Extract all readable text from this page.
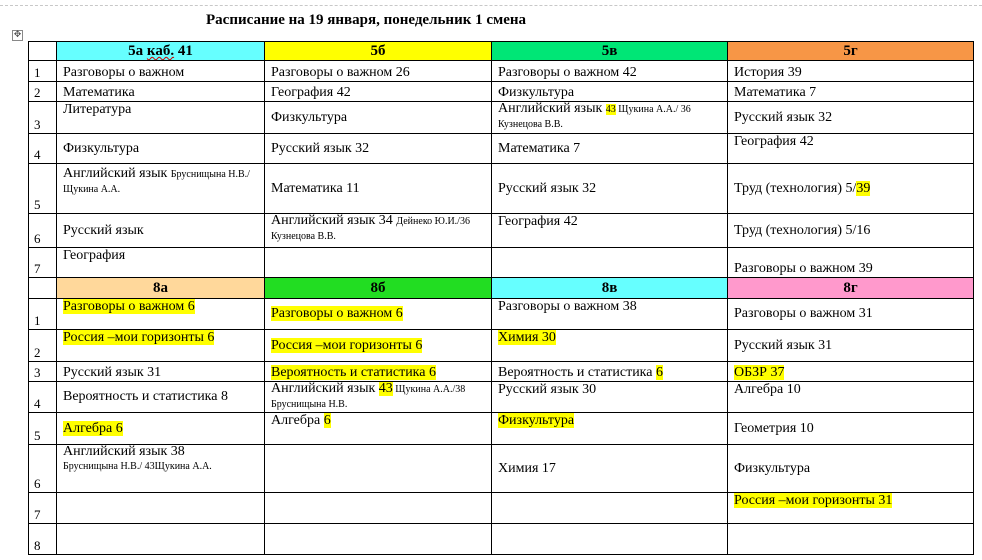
✥
Расписание на 19 января, понедельник 1 смена
	5а каб. 41	5б	5в	5г
1	Разговоры о важном	Разговоры о важном 26	Разговоры о важном 42	История 39
2	Математика	География 42	Физкультура	Математика 7
3	Литература	Физкультура	Английский язык 43 Щукина А.А./ 36 Кузнецова В.В.	Русский язык 32
4	Физкультура	Русский язык 32	Математика 7	География 42
5	Английский язык Бруснищына Н.В./ Щукина А.А.	Математика 11	Русский язык 32	Труд (технология) 5/39
6	Русский язык	Английский язык 34 Дейнеко Ю.И./36 Кузнецова В.В.	География 42	Труд (технология) 5/16
7	География			Разговоры о важном 39
	8а	8б	8в	8г
1	Разговоры о важном 6	Разговоры о важном 6	Разговоры о важном 38	Разговоры о важном 31
2	Россия –мои горизонты 6	Россия –мои горизонты 6	Химия 30	Русский язык 31
3	Русский язык 31	Вероятность и статистика 6	Вероятность и статистика 6	ОБЗР 37
4	Вероятность и статистика 8	Английский язык 43 Щукина А.А./38 Бруснищына Н.В.	Русский язык 30	Алгебра 10
5	Алгебра 6	Алгебра 6	Физкультура	Геометрия 10
6	Английский язык 38
Бруснищына Н.В./ 43Щукина А.А.		Химия 17	Физкультура
7				Россия –мои горизонты 31
8				
